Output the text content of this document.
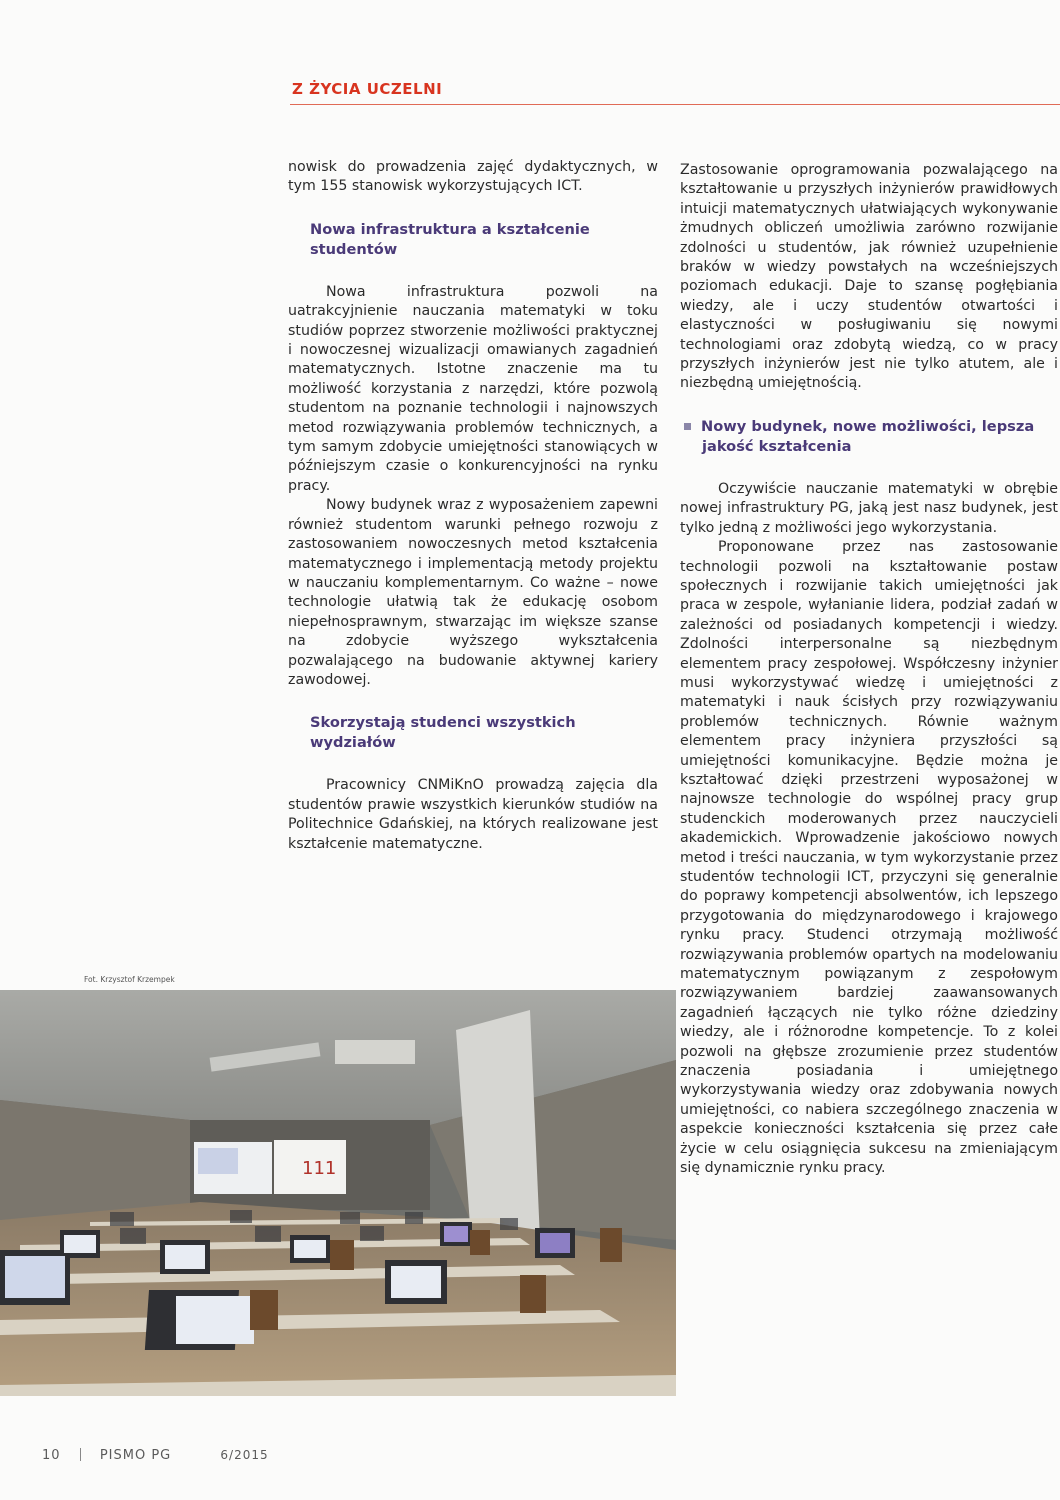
Z ŻYCIA UCZELNI

nowisk do prowadzenia zajęć dydaktycznych, w tym 155 stanowisk wykorzystujących ICT.

Nowa infrastruktura a kształcenie studentów

Nowa infrastruktura pozwoli na uatrakcyjnienie nauczania matematyki w toku studiów poprzez stworzenie możliwości praktycznej i nowoczesnej wizualizacji omawianych zagadnień matematycznych. Istotne znaczenie ma tu możliwość korzystania z narzędzi, które pozwolą studentom na poznanie technologii i najnowszych metod rozwiązywania problemów technicznych, a tym samym zdobycie umiejętności stanowiących w późniejszym czasie o konkurencyjności na rynku pracy.

Nowy budynek wraz z wyposażeniem zapewni również studentom warunki pełnego rozwoju z zastosowaniem nowoczesnych metod kształcenia matematycznego i implementacją metody projektu w nauczaniu komplementarnym. Co ważne – nowe technologie ułatwią tak że edukację osobom niepełnosprawnym, stwarzając im większe szanse na zdobycie wyższego wykształcenia pozwalającego na budowanie aktywnej kariery zawodowej.

Skorzystają studenci wszystkich wydziałów

Pracownicy CNMiKnO prowadzą zajęcia dla studentów prawie wszystkich kierunków studiów na Politechnice Gdańskiej, na których realizowane jest kształcenie matematyczne.

Zastosowanie oprogramowania pozwalającego na kształtowanie u przyszłych inżynierów prawidłowych intuicji matematycznych ułatwiających wykonywanie żmudnych obliczeń umożliwia zarówno rozwijanie zdolności u studentów, jak również uzupełnienie braków w wiedzy powstałych na wcześniejszych poziomach edukacji. Daje to szansę pogłębiania wiedzy, ale i uczy studentów otwartości i elastyczności w posługiwaniu się nowymi technologiami oraz zdobytą wiedzą, co w pracy przyszłych inżynierów jest nie tylko atutem, ale i niezbędną umiejętnością.

Nowy budynek, nowe możliwości, lepsza jakość kształcenia

Oczywiście nauczanie matematyki w obrębie nowej infrastruktury PG, jaką jest nasz budynek, jest tylko jedną z możliwości jego wykorzystania.

Proponowane przez nas zastosowanie technologii pozwoli na kształtowanie postaw społecznych i rozwijanie takich umiejętności jak praca w zespole, wyłanianie lidera, podział zadań w zależności od posiadanych kompetencji i wiedzy. Zdolności interpersonalne są niezbędnym elementem pracy zespołowej. Współczesny inżynier musi wykorzystywać wiedzę i umiejętności z matematyki i nauk ścisłych przy rozwiązywaniu problemów technicznych. Równie ważnym elementem pracy inżyniera przyszłości są umiejętności komunikacyjne. Będzie można je kształtować dzięki przestrzeni wyposażonej w najnowsze technologie do wspólnej pracy grup studenckich moderowanych przez nauczycieli akademickich. Wprowadzenie jakościowo nowych metod i treści nauczania, w tym wykorzystanie przez studentów technologii ICT, przyczyni się generalnie do poprawy kompetencji absolwentów, ich lepszego przygotowania do międzynarodowego i krajowego rynku pracy. Studenci otrzymają możliwość rozwiązywania problemów opartych na modelowaniu matematycznym powiązanym z zespołowym rozwiązywaniem bardziej zaawansowanych zagadnień łączących nie tylko różne dziedziny wiedzy, ale i różnorodne kompetencje. To z kolei pozwoli na głębsze zrozumienie przez studentów znaczenia posiadania i umiejętnego wykorzystywania wiedzy oraz zdobywania nowych umiejętności, co nabiera szczególnego znaczenia w aspekcie konieczności kształcenia się przez całe życie w celu osiągnięcia sukcesu na zmieniającym się dynamicznie rynku pracy.

Fot. Krzysztof Krzempek
111
10	PISMO PG	6/2015
